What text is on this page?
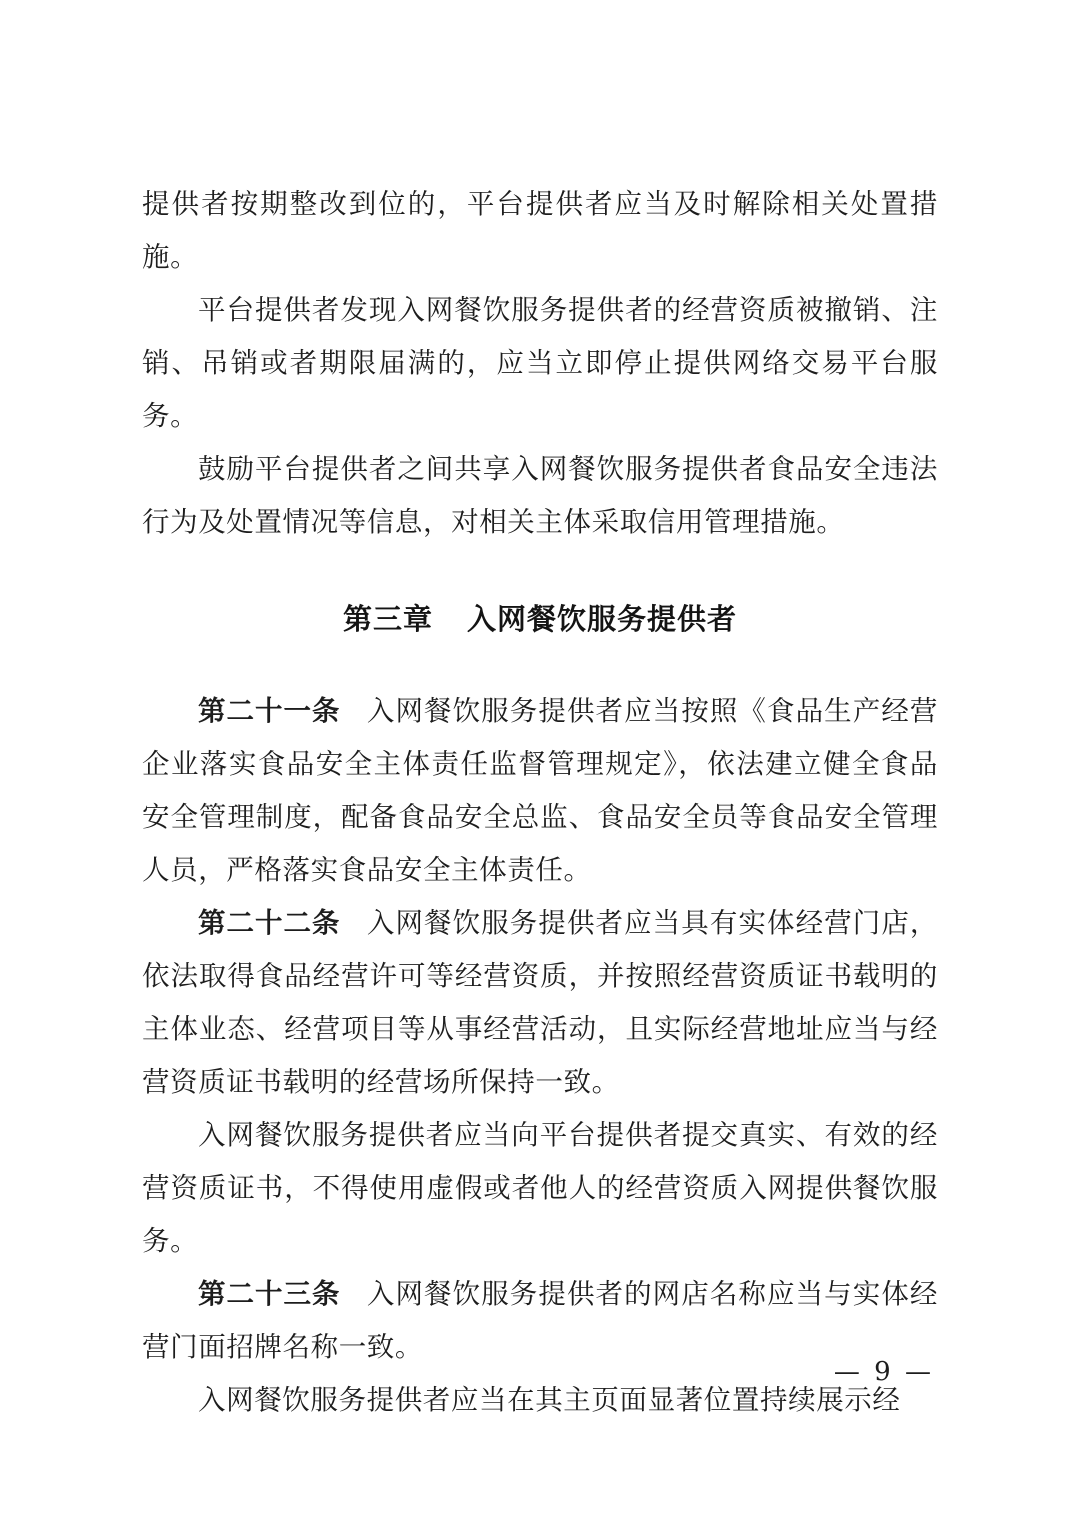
提供者按期整改到位的，平台提供者应当及时解除相关处置措施。

平台提供者发现入网餐饮服务提供者的经营资质被撤销、注销、吊销或者期限届满的，应当立即停止提供网络交易平台服务。

鼓励平台提供者之间共享入网餐饮服务提供者食品安全违法行为及处置情况等信息，对相关主体采取信用管理措施。

第三章 入网餐饮服务提供者

第二十一条 入网餐饮服务提供者应当按照《食品生产经营企业落实食品安全主体责任监督管理规定》，依法建立健全食品安全管理制度，配备食品安全总监、食品安全员等食品安全管理人员，严格落实食品安全主体责任。

第二十二条 入网餐饮服务提供者应当具有实体经营门店，依法取得食品经营许可等经营资质，并按照经营资质证书载明的主体业态、经营项目等从事经营活动，且实际经营地址应当与经营资质证书载明的经营场所保持一致。

入网餐饮服务提供者应当向平台提供者提交真实、有效的经营资质证书，不得使用虚假或者他人的经营资质入网提供餐饮服务。

第二十三条 入网餐饮服务提供者的网店名称应当与实体经营门面招牌名称一致。

入网餐饮服务提供者应当在其主页面显著位置持续展示经

— 9 —
